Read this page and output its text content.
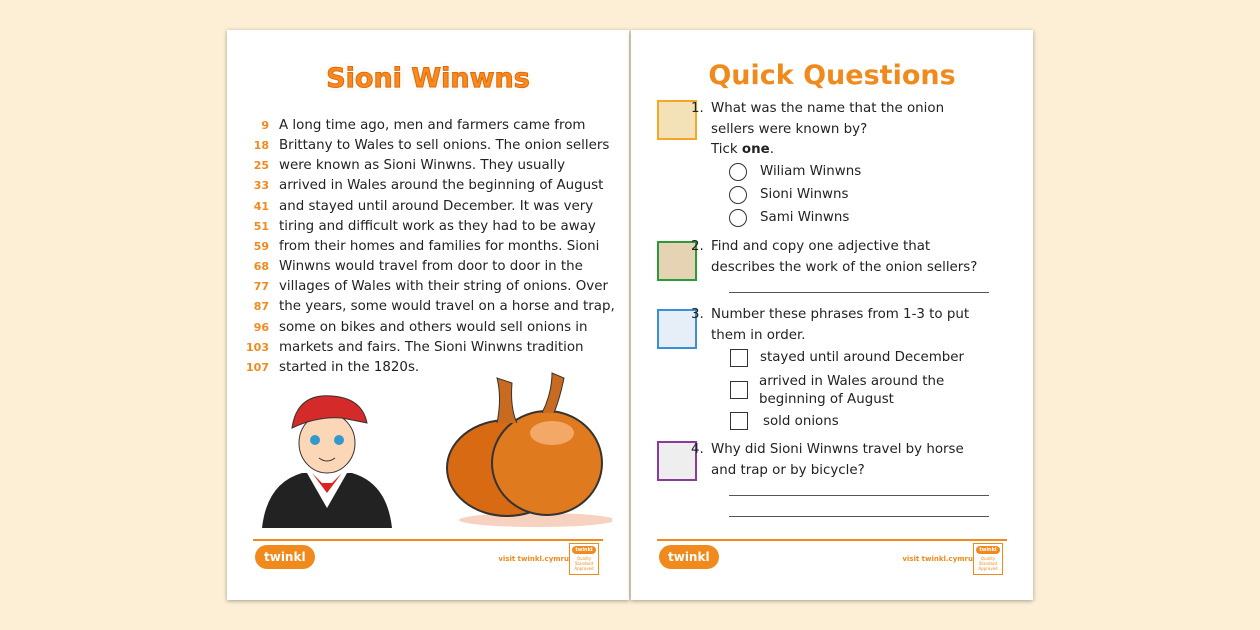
Sioni Winwns
9 A long time ago, men and farmers came from
18 Brittany to Wales to sell onions. The onion sellers
25 were known as Sioni Winwns. They usually
33 arrived in Wales around the beginning of August
41 and stayed until around December. It was very
51 tiring and difficult work as they had to be away
59 from their homes and families for months. Sioni
68 Winwns would travel from door to door in the
77 villages of Wales with their string of onions. Over
87 the years, some would travel on a horse and trap,
96 some on bikes and others would sell onions in
103 markets and fairs. The Sioni Winwns tradition
107 started in the 1820s.
twinkl	visit twinkl.cymru
twinkl
Quality Standard Approved
Quick Questions
1. What was the name that the onion sellers were known by?
Tick one.
Wiliam Winwns
Sioni Winwns
Sami Winwns
2. Find and copy one adjective that describes the work of the onion sellers?
3. Number these phrases from 1-3 to put them in order.
stayed until around December
arrived in Wales around the beginning of August
sold onions
4. Why did Sioni Winwns travel by horse and trap or by bicycle?
twinkl	visit twinkl.cymru
twinkl
Quality Standard Approved
